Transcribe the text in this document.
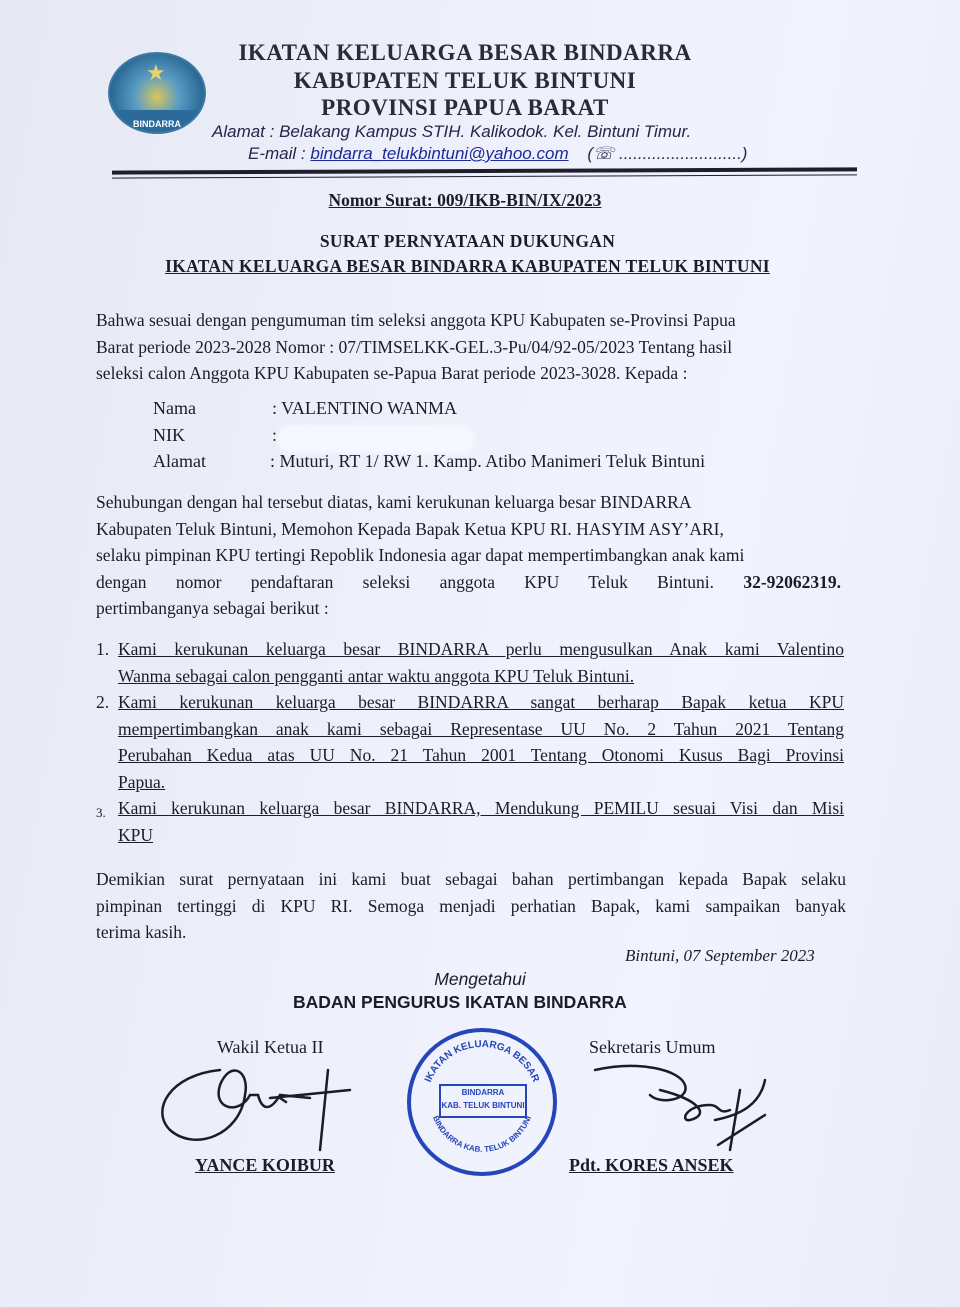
★
BINDARRA
IKATAN KELUARGA BESAR BINDARRA
KABUPATEN TELUK BINTUNI
PROVINSI PAPUA BARAT
Alamat : Belakang Kampus STIH. Kalikodok. Kel. Bintuni Timur.
E-mail : bindarra_telukbintuni@yahoo.com (☏ ..........................)
Nomor Surat: 009/IKB-BIN/IX/2023
SURAT PERNYATAAN DUKUNGAN
IKATAN KELUARGA BESAR BINDARRA KABUPATEN TELUK BINTUNI
Bahwa sesuai dengan pengumuman tim seleksi anggota KPU Kabupaten se-Provinsi Papua
Barat periode 2023-2028 Nomor : 07/TIMSELKK-GEL.3-Pu/04/92-05/2023 Tentang hasil
seleksi calon Anggota KPU Kabupaten se-Papua Barat periode 2023-3028. Kepada :
Nama	: VALENTINO WANMA
NIK	:
Alamat	: Muturi, RT 1/ RW 1. Kamp. Atibo Manimeri Teluk Bintuni
Sehubungan dengan hal tersebut diatas, kami kerukunan keluarga besar BINDARRA
Kabupaten Teluk Bintuni, Memohon Kepada Bapak Ketua KPU RI. HASYIM ASY’ARI,
selaku pimpinan KPU tertingi Repoblik Indonesia agar dapat mempertimbangkan anak kami
dengan nomor pendaftaran seleksi anggota KPU Teluk Bintuni. 32-92062319.
pertimbanganya sebagai berikut :
1. Kami kerukunan keluarga besar BINDARRA perlu mengusulkan Anak kami Valentino
Wanma sebagai calon pengganti antar waktu anggota KPU Teluk Bintuni.
2. Kami kerukunan keluarga besar BINDARRA sangat berharap Bapak ketua KPU
mempertimbangkan anak kami sebagai Representase UU No. 2 Tahun 2021 Tentang
Perubahan Kedua atas UU No. 21 Tahun 2001 Tentang Otonomi Kusus Bagi Provinsi
Papua.
3. Kami kerukunan keluarga besar BINDARRA, Mendukung PEMILU sesuai Visi dan Misi
KPU
Demikian surat pernyataan ini kami buat sebagai bahan pertimbangan kepada Bapak selaku
pimpinan tertinggi di KPU RI. Semoga menjadi perhatian Bapak, kami sampaikan banyak
terima kasih.
Bintuni, 07 September 2023
Mengetahui
BADAN PENGURUS IKATAN BINDARRA
Wakil Ketua II	Sekretaris Umum
IKATAN KELUARGA BESAR
BINDARRA KAB. TELUK BINTUNI
BINDARRA
KAB. TELUK BINTUNI
YANCE KOIBUR	Pdt. KORES ANSEK
